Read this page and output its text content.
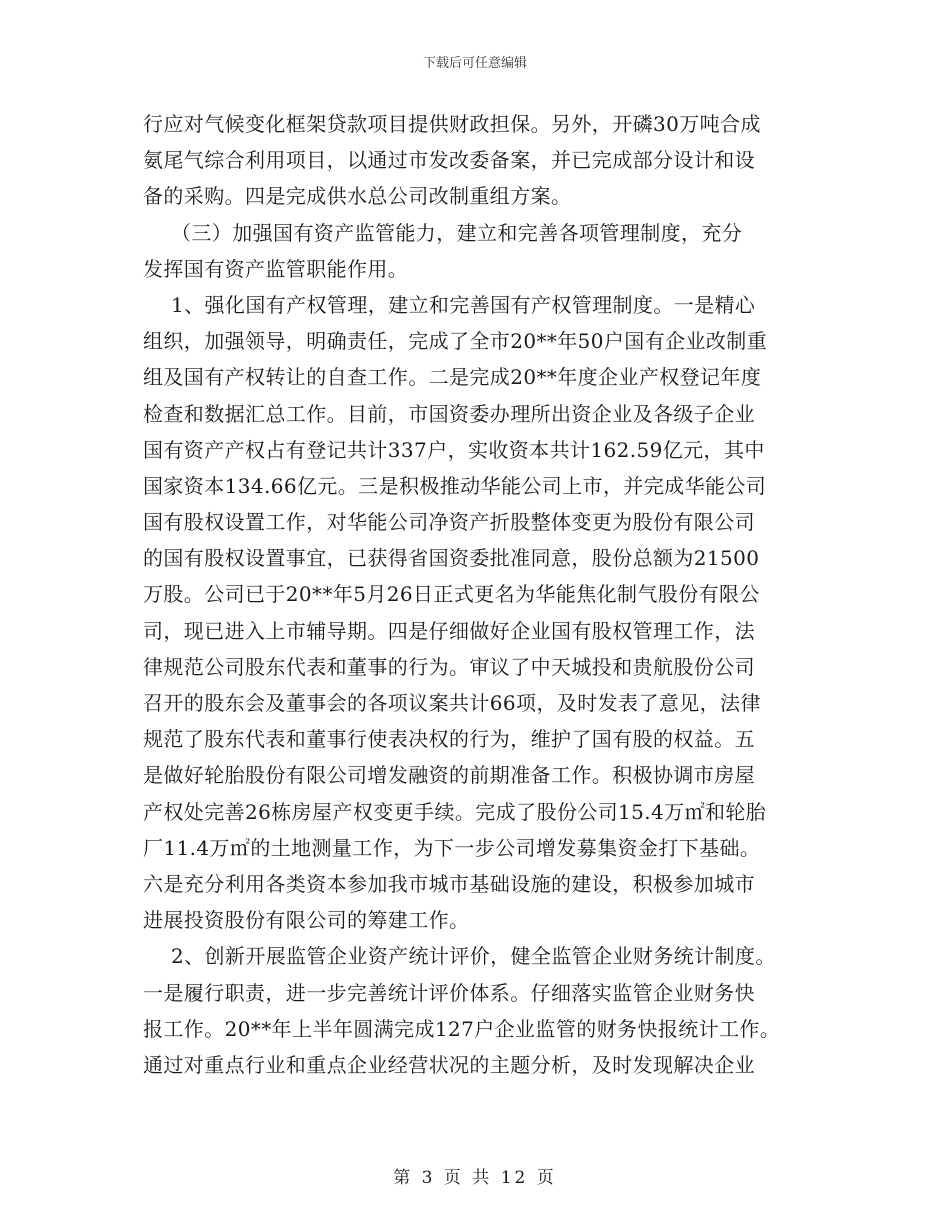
下载后可任意编辑
行应对气候变化框架贷款项目提供财政担保。另外，开磷30万吨合成
氨尾气综合利用项目，以通过市发改委备案，并已完成部分设计和设
备的采购。四是完成供水总公司改制重组方案。
（三）加强国有资产监管能力，建立和完善各项管理制度，充分
发挥国有资产监管职能作用。
1、强化国有产权管理，建立和完善国有产权管理制度。一是精心
组织，加强领导，明确责任，完成了全市20**年50户国有企业改制重
组及国有产权转让的自查工作。二是完成20**年度企业产权登记年度
检查和数据汇总工作。目前，市国资委办理所出资企业及各级子企业
国有资产产权占有登记共计337户，实收资本共计162.59亿元，其中
国家资本134.66亿元。三是积极推动华能公司上市，并完成华能公司
国有股权设置工作，对华能公司净资产折股整体变更为股份有限公司
的国有股权设置事宜，已获得省国资委批准同意，股份总额为21500
万股。公司已于20**年5月26日正式更名为华能焦化制气股份有限公
司，现已进入上市辅导期。四是仔细做好企业国有股权管理工作，法
律规范公司股东代表和董事的行为。审议了中天城投和贵航股份公司
召开的股东会及董事会的各项议案共计66项，及时发表了意见，法律
规范了股东代表和董事行使表决权的行为，维护了国有股的权益。五
是做好轮胎股份有限公司增发融资的前期准备工作。积极协调市房屋
产权处完善26栋房屋产权变更手续。完成了股份公司15.4万㎡和轮胎
厂11.4万㎡的土地测量工作，为下一步公司增发募集资金打下基础。
六是充分利用各类资本参加我市城市基础设施的建设，积极参加城市
进展投资股份有限公司的筹建工作。
2、创新开展监管企业资产统计评价，健全监管企业财务统计制度。
一是履行职责，进一步完善统计评价体系。仔细落实监管企业财务快
报工作。20**年上半年圆满完成127户企业监管的财务快报统计工作。
通过对重点行业和重点企业经营状况的主题分析，及时发现解决企业
第 3 页 共 12 页
